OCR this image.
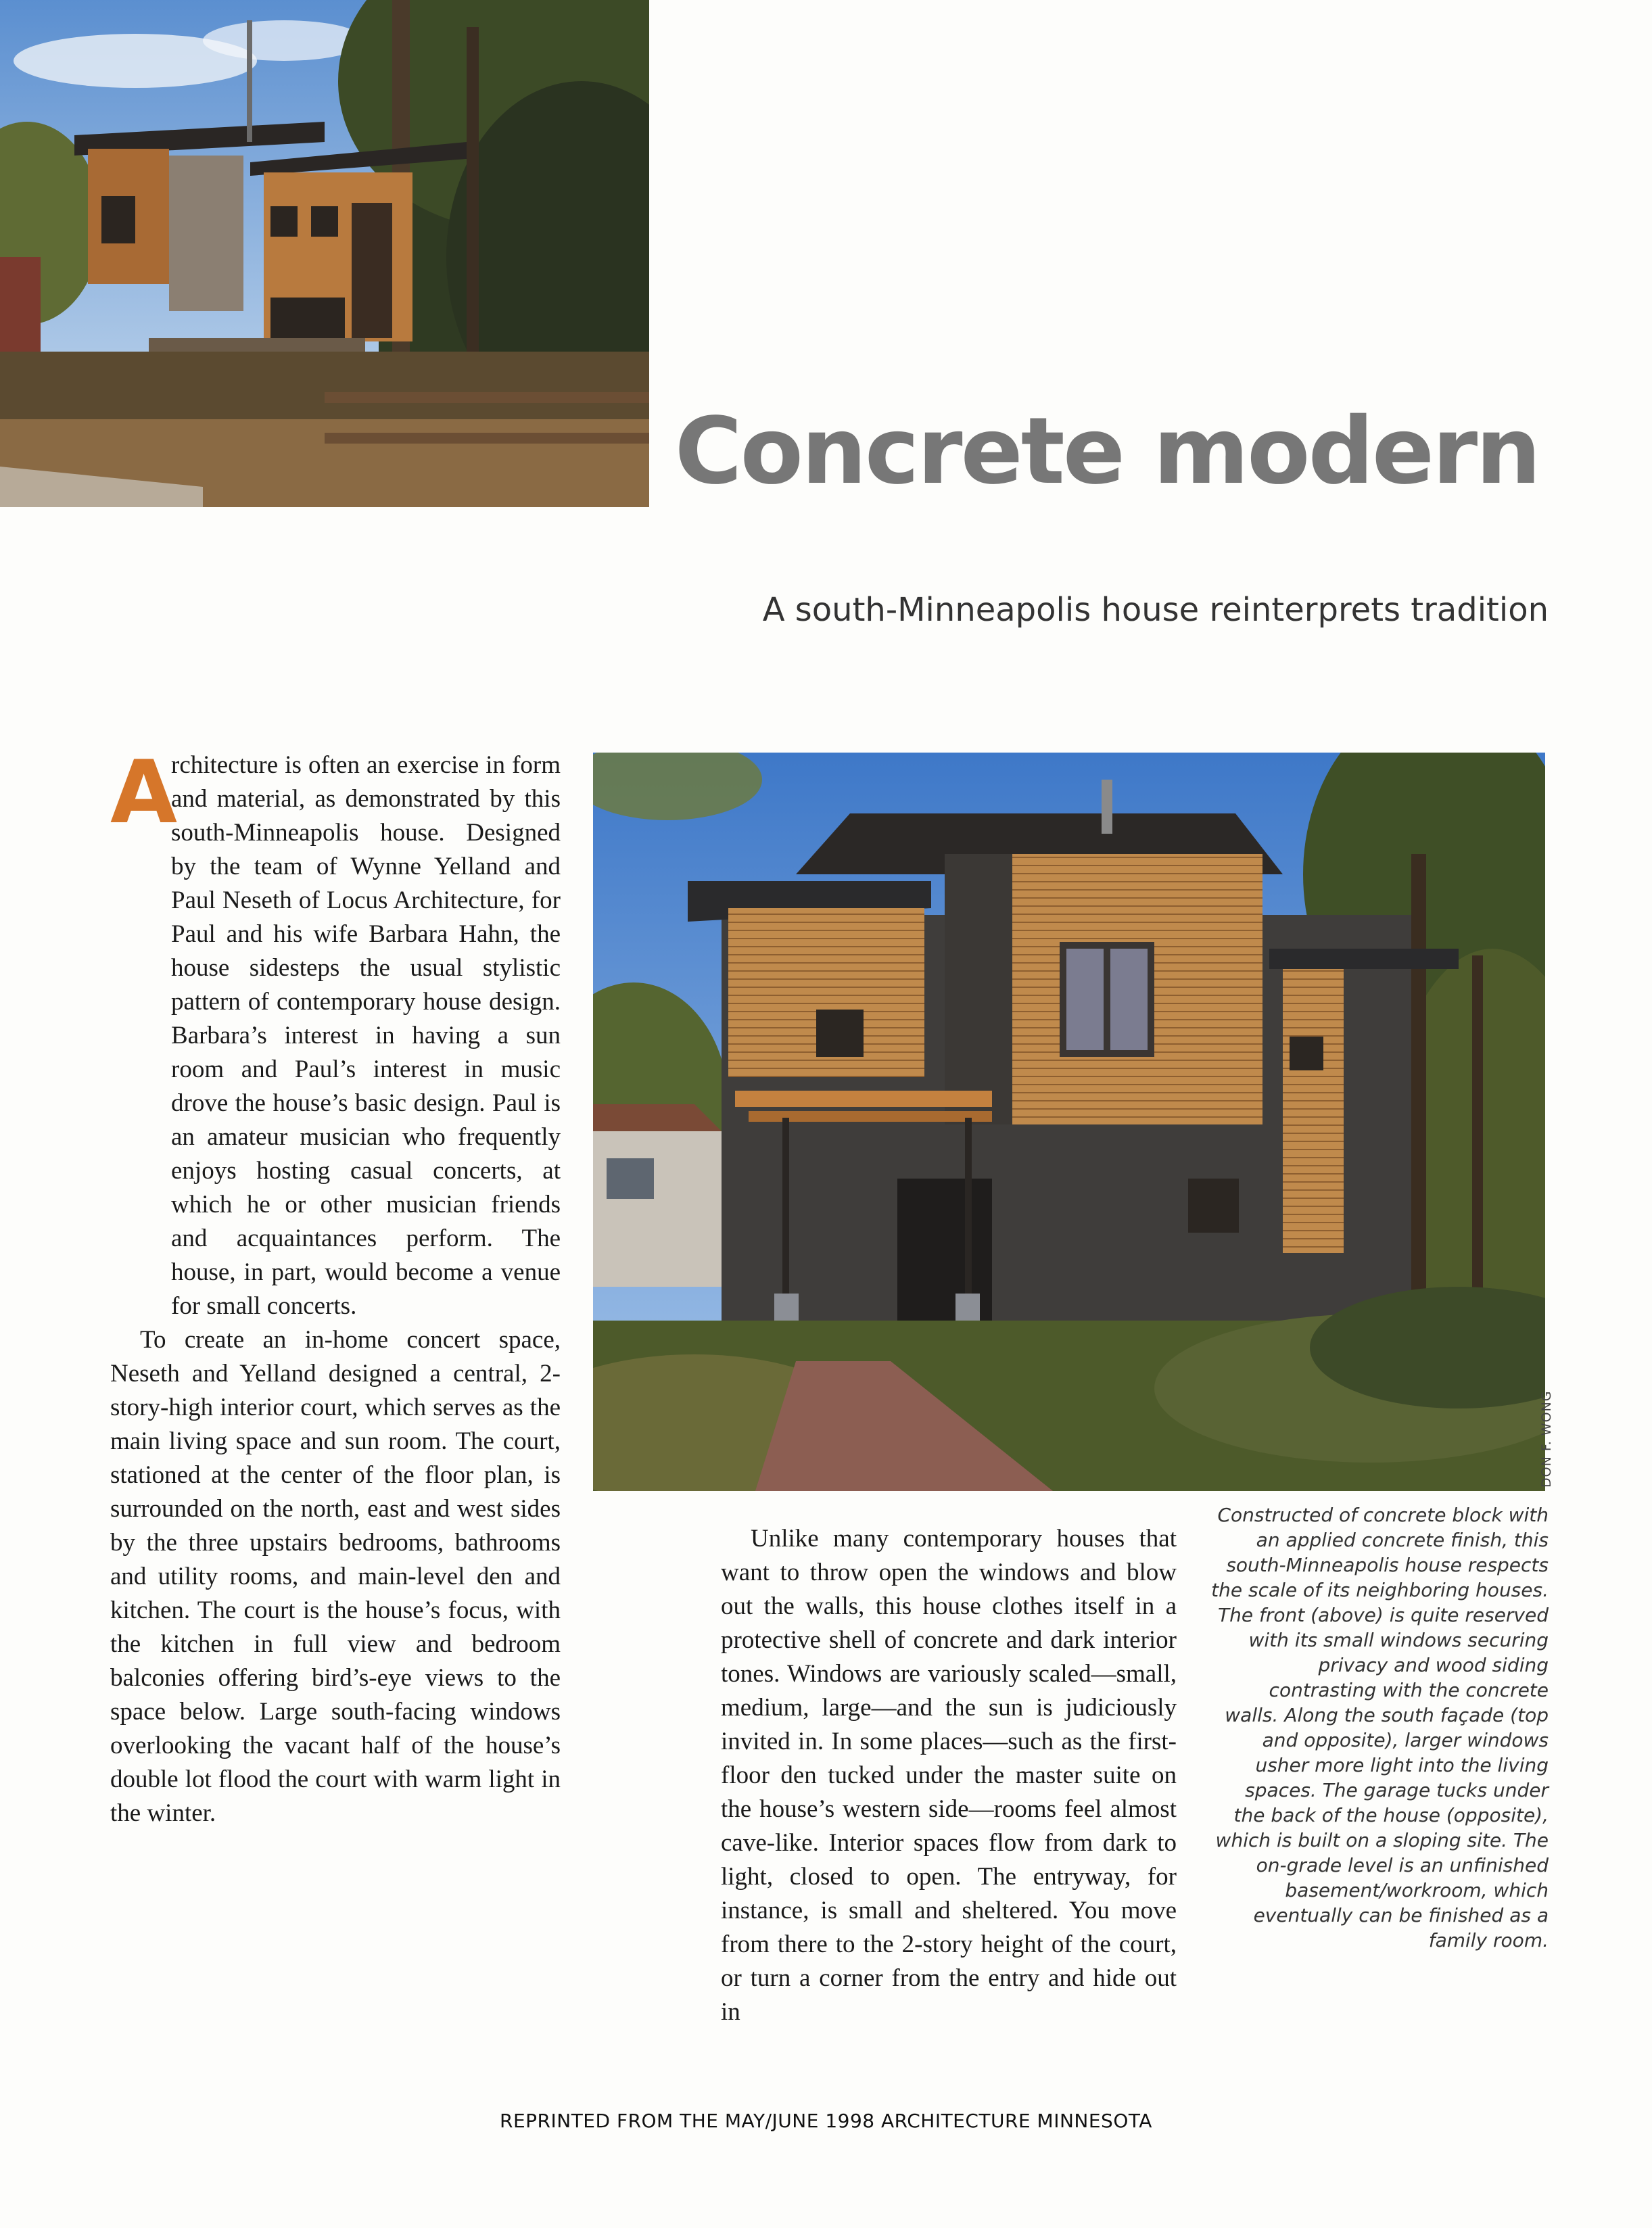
Concrete modern
A south-Minneapolis house reinterprets tradition
A

rchitecture is often an exercise in form and material, as demonstrated by this south-Minneapolis house. Designed by the team of Wynne Yelland and Paul Neseth of Locus Architecture, for Paul and his wife Barbara Hahn, the house sidesteps the usual stylistic pattern of contemporary house design. Barbara’s interest in having a sun room and Paul’s interest in music drove the house’s basic design. Paul is an amateur musician who frequently enjoys hosting casual concerts, at which he or other musician friends and acquaintances perform. The house, in part, would become a venue for small concerts.

To create an in-home concert space, Neseth and Yelland designed a central, 2-story-high interior court, which serves as the main living space and sun room. The court, stationed at the center of the floor plan, is surrounded on the north, east and west sides by the three upstairs bedrooms, bathrooms and utility rooms, and main-level den and kitchen. The court is the house’s focus, with the kitchen in full view and bedroom balconies offering bird’s-eye views to the space below. Large south-facing windows overlooking the vacant half of the house’s double lot flood the court with warm light in the winter.

DON F. WONG
Constructed of concrete block with an applied concrete finish, this south-Minneapolis house respects the scale of its neighboring houses. The front (above) is quite reserved with its small windows securing privacy and wood siding contrasting with the concrete walls. Along the south façade (top and opposite), larger windows usher more light into the living spaces. The garage tucks under the back of the house (opposite), which is built on a sloping site. The on-grade level is an unfinished basement/workroom, which eventually can be finished as a family room.

Unlike many contemporary houses that want to throw open the windows and blow out the walls, this house clothes itself in a protective shell of concrete and dark interior tones. Windows are variously scaled—small, medium, large—and the sun is judiciously invited in. In some places—such as the first-floor den tucked under the master suite on the house’s western side—rooms feel almost cave-like. Interior spaces flow from dark to light, closed to open. The entryway, for instance, is small and sheltered. You move from there to the 2-story height of the court, or turn a corner from the entry and hide out in

REPRINTED FROM THE MAY/JUNE 1998 ARCHITECTURE MINNESOTA
